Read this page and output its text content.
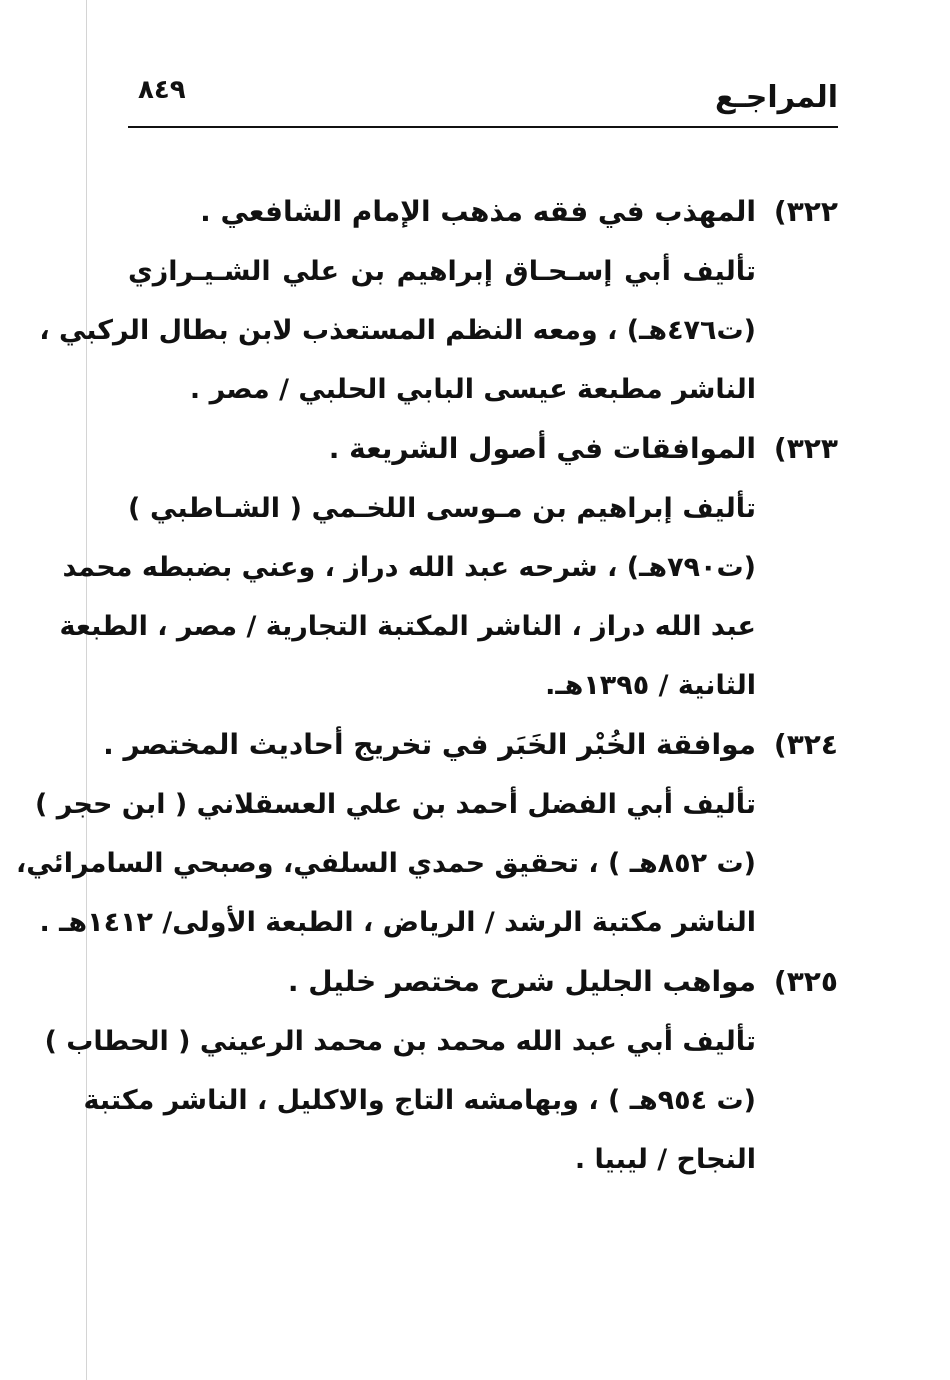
المراجـع
٨٤٩
٣٢٢)
المهذب في فقه مذهب الإمام الشافعي .
تأليف أبي إسـحـاق إبراهيم بن علي الشـيـرازي
(ت٤٧٦هـ) ، ومعه النظم المستعذب لابن بطال الركبي ،
الناشر مطبعة عيسى البابي الحلبي / مصر .
٣٢٣)
الموافقات في أصول الشريعة .
تأليف إبراهيم بن مـوسى اللخـمي ( الشـاطبي )
(ت٧٩٠هـ) ، شرحه عبد الله دراز ، وعني بضبطه محمد
عبد الله دراز ، الناشر المكتبة التجارية / مصر ، الطبعة
الثانية / ١٣٩٥هـ.
٣٢٤)
موافقة الخُبْر الخَبَر في تخريج أحاديث المختصر .
تأليف أبي الفضل أحمد بن علي العسقلاني ( ابن حجر )
(ت ٨٥٢هـ ) ، تحقيق حمدي السلفي، وصبحي السامرائي،
الناشر مكتبة الرشد / الرياض ، الطبعة الأولى/ ١٤١٢هـ .
٣٢٥)
مواهب الجليل شرح مختصر خليل .
تأليف أبي عبد الله محمد بن محمد الرعيني ( الحطاب )
(ت ٩٥٤هـ ) ، وبهامشه التاج والاكليل ، الناشر مكتبة
النجاح / ليبيا .
